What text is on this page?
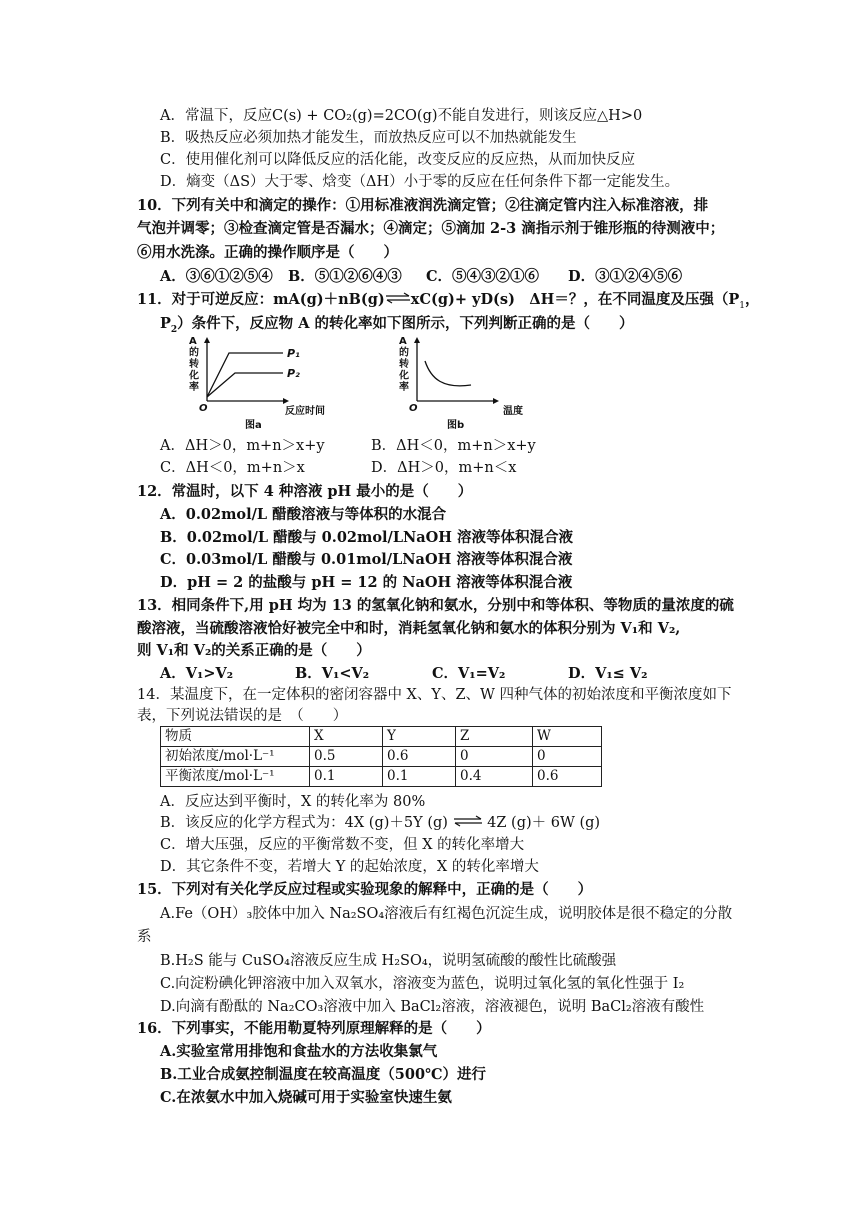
A．常温下，反应C(s) + CO₂(g)=2CO(g)不能自发进行，则该反应△H>0
B．吸热反应必须加热才能发生，而放热反应可以不加热就能发生
C．使用催化剂可以降低反应的活化能，改变反应的反应热，从而加快反应
D．熵变（ΔS）大于零、焓变（ΔH）小于零的反应在任何条件下都一定能发生。
10．下列有关中和滴定的操作：①用标准液润洗滴定管；②往滴定管内注入标准溶液，排
气泡并调零；③检查滴定管是否漏水；④滴定；⑤滴加 2-3 滴指示剂于锥形瓶的待测液中；
⑥用水洗涤。正确的操作顺序是（　　）
A．③⑥①②⑤④ B．⑤①②⑥④③ C．⑤④③②①⑥ D．③①②④⑤⑥
11．对于可逆反应：mA(g)＋nB(g)⇌xC(g)+ yD(s)　ΔH＝？，在不同温度及压强（$P_1$，
$P_2$）条件下，反应物 A 的转化率如下图所示，下列判断正确的是（　　）
A
的
转
化
率
P₁
P₂
O	反应时间
图a
A
的
转
化
率
O	温度
图b
A．ΔH＞0，m+n＞x+y	B．ΔH＜0，m+n＞x+y
C．ΔH＜0，m+n＞x	D．ΔH＞0，m+n＜x
12．常温时，以下 4 种溶液 pH 最小的是（　　）
A．0.02mol/L 醋酸溶液与等体积的水混合
B．0.02mol/L 醋酸与 0.02mol/LNaOH 溶液等体积混合液
C．0.03mol/L 醋酸与 0.01mol/LNaOH 溶液等体积混合液
D．pH = 2 的盐酸与 pH = 12 的 NaOH 溶液等体积混合液
13．相同条件下,用 pH 均为 13 的氢氧化钠和氨水，分别中和等体积、等物质的量浓度的硫
酸溶液，当硫酸溶液恰好被完全中和时，消耗氢氧化钠和氨水的体积分别为 V₁和 V₂,
则 V₁和 V₂的关系正确的是（　　）
A．V₁>V₂	B．V₁<V₂	C．V₁=V₂	D．V₁≤ V₂
14．某温度下，在一定体积的密闭容器中 X、Y、Z、W 四种气体的初始浓度和平衡浓度如下
表，下列说法错误的是　（　　）
物质	X	Y	Z	W
初始浓度/mol·L⁻¹	0.5	0.6	0	0
平衡浓度/mol·L⁻¹	0.1	0.1	0.4	0.6
A．反应达到平衡时，X 的转化率为 80%
B．该反应的化学方程式为：4X (g)＋5Y (g) ⇌ 4Z (g)＋ 6W (g)
C．增大压强，反应的平衡常数不变，但 X 的转化率增大
D．其它条件不变，若增大 Y 的起始浓度，X 的转化率增大
15．下列对有关化学反应过程或实验现象的解释中，正确的是（　　）
A.Fe（OH）₃胶体中加入 Na₂SO₄溶液后有红褐色沉淀生成，说明胶体是很不稳定的分散
系
B.H₂S 能与 CuSO₄溶液反应生成 H₂SO₄，说明氢硫酸的酸性比硫酸强
C.向淀粉碘化钾溶液中加入双氧水，溶液变为蓝色，说明过氧化氢的氧化性强于 I₂
D.向滴有酚酞的 Na₂CO₃溶液中加入 BaCl₂溶液，溶液褪色，说明 BaCl₂溶液有酸性
16．下列事实，不能用勒夏特列原理解释的是（　　）
A.实验室常用排饱和食盐水的方法收集氯气
B.工业合成氨控制温度在较高温度（500℃）进行
C.在浓氨水中加入烧碱可用于实验室快速生氨
